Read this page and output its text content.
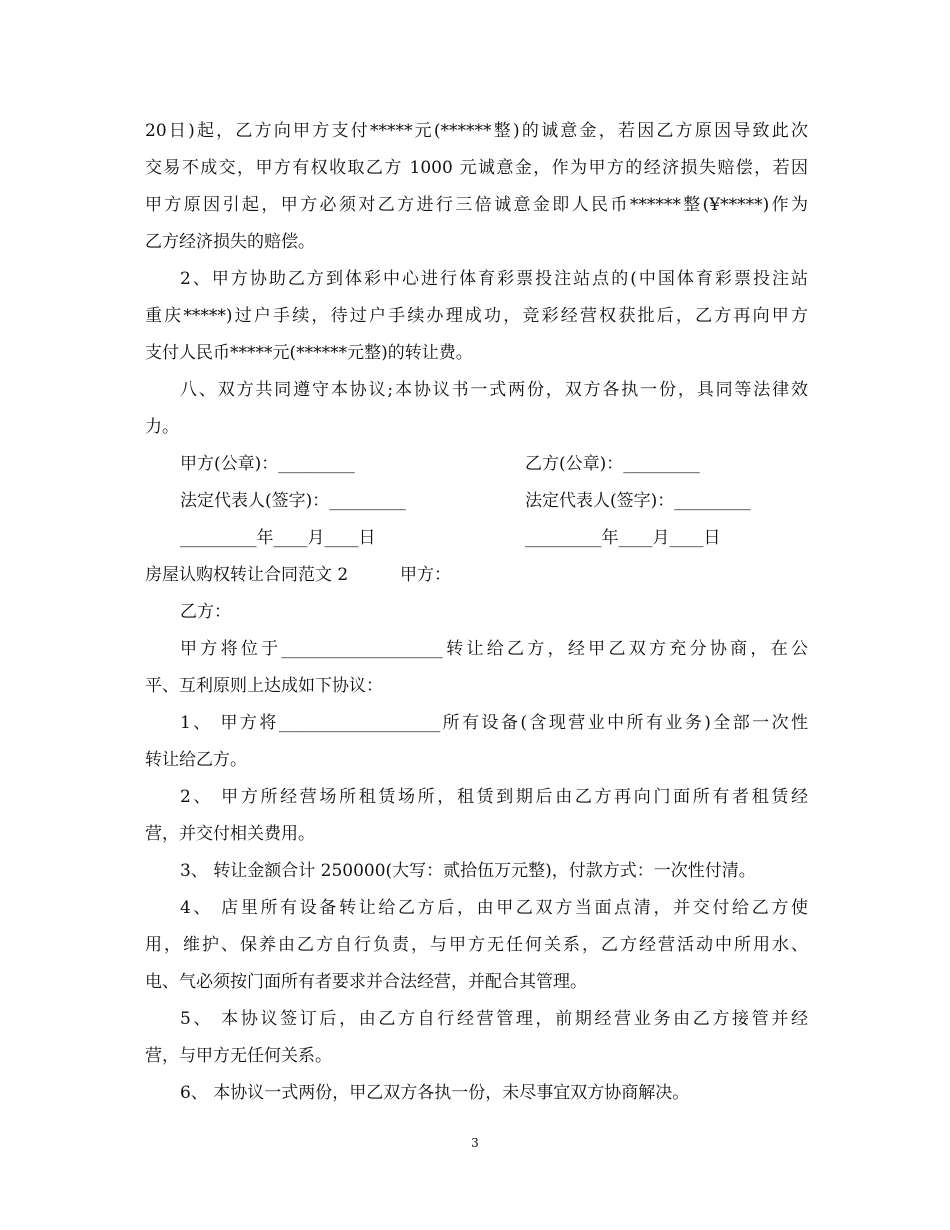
20日)起，乙方向甲方支付*****元(******整)的诚意金，若因乙方原因导致此次
交易不成交，甲方有权收取乙方 1000 元诚意金，作为甲方的经济损失赔偿，若因
甲方原因引起，甲方必须对乙方进行三倍诚意金即人民币******整(¥*****)作为
乙方经济损失的赔偿。
2、甲方协助乙方到体彩中心进行体育彩票投注站点的(中国体育彩票投注站
重庆*****)过户手续，待过户手续办理成功，竞彩经营权获批后，乙方再向甲方
支付人民币*****元(******元整)的转让费。
八、双方共同遵守本协议;本协议书一式两份，双方各执一份，具同等法律效
力。
甲方(公章)：_________	乙方(公章)：_________
法定代表人(签字)：_________	法定代表人(签字)：_________
_________年____月____日	_________年____月____日
房屋认购权转让合同范文 2	甲方：
乙方：
甲方将位于___________________转让给乙方，经甲乙双方充分协商，在公
平、互利原则上达成如下协议：
1、 甲方将___________________所有设备(含现营业中所有业务)全部一次性
转让给乙方。
2、 甲方所经营场所租赁场所，租赁到期后由乙方再向门面所有者租赁经
营，并交付相关费用。
3、 转让金额合计 250000(大写：贰拾伍万元整)，付款方式：一次性付清。
4、 店里所有设备转让给乙方后，由甲乙双方当面点清，并交付给乙方使
用，维护、保养由乙方自行负责，与甲方无任何关系，乙方经营活动中所用水、
电、气必须按门面所有者要求并合法经营，并配合其管理。
5、 本协议签订后，由乙方自行经营管理，前期经营业务由乙方接管并经
营，与甲方无任何关系。
6、 本协议一式两份，甲乙双方各执一份，未尽事宜双方协商解决。
3
